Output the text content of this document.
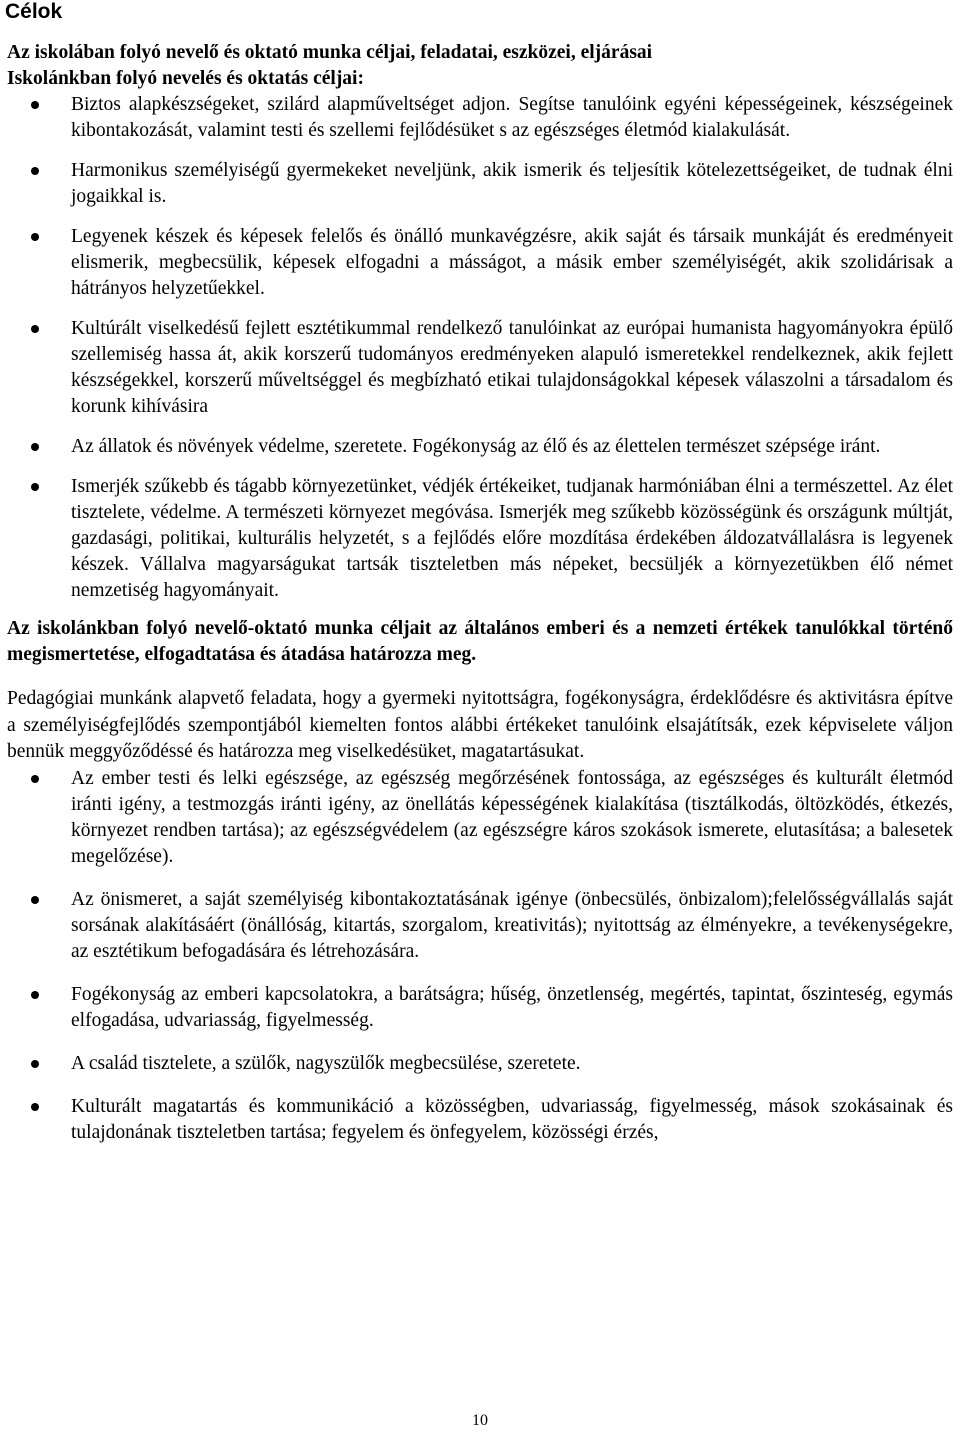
Célok
Az iskolában folyó nevelő és oktató munka céljai, feladatai, eszközei, eljárásai
Iskolánkban folyó nevelés és oktatás céljai:
Biztos alapkészségeket, szilárd alapműveltséget adjon. Segítse tanulóink egyéni képességeinek, készségeinek kibontakozását, valamint testi és szellemi fejlődésüket s az egészséges életmód kialakulását.
Harmonikus személyiségű gyermekeket neveljünk, akik ismerik és teljesítik kötelezettségeiket, de tudnak élni jogaikkal is.
Legyenek készek és képesek felelős és önálló munkavégzésre, akik saját és társaik munkáját és eredményeit elismerik, megbecsülik, képesek elfogadni a másságot, a másik ember személyiségét, akik szolidárisak a hátrányos helyzetűekkel.
Kultúrált viselkedésű fejlett esztétikummal rendelkező tanulóinkat az európai humanista hagyományokra épülő szellemiség hassa át, akik korszerű tudományos eredményeken alapuló ismeretekkel rendelkeznek, akik fejlett készségekkel, korszerű műveltséggel és megbízható etikai tulajdonságokkal képesek válaszolni a társadalom és korunk kihívásira
Az állatok és növények védelme, szeretete. Fogékonyság az élő és az élettelen természet szépsége iránt.
Ismerjék szűkebb és tágabb környezetünket, védjék értékeiket, tudjanak harmóniában élni a természettel. Az élet tisztelete, védelme. A természeti környezet megóvása. Ismerjék meg szűkebb közösségünk és országunk múltját, gazdasági, politikai, kulturális helyzetét, s a fejlődés előre mozdítása érdekében áldozatvállalásra is legyenek készek. Vállalva magyarságukat tartsák tiszteletben más népeket, becsüljék a környezetükben élő német nemzetiség hagyományait.
Az iskolánkban folyó nevelő-oktató munka céljait az általános emberi és a nemzeti értékek tanulókkal történő megismertetése, elfogadtatása és átadása határozza meg.
Pedagógiai munkánk alapvető feladata, hogy a gyermeki nyitottságra, fogékonyságra, érdeklődésre és aktivitásra építve a személyiségfejlődés szempontjából kiemelten fontos alábbi értékeket tanulóink elsajátítsák, ezek képviselete váljon bennük meggyőződéssé és határozza meg viselkedésüket, magatartásukat.
Az ember testi és lelki egészsége, az egészség megőrzésének fontossága, az egészséges és kulturált életmód iránti igény, a testmozgás iránti igény, az önellátás képességének kialakítása (tisztálkodás, öltözködés, étkezés, környezet rendben tartása); az egészségvédelem (az egészségre káros szokások ismerete, elutasítása; a balesetek megelőzése).
Az önismeret, a saját személyiség kibontakoztatásának igénye (önbecsülés, önbizalom);felelősségvállalás saját sorsának alakításáért (önállóság, kitartás, szorgalom, kreativitás); nyitottság az élményekre, a tevékenységekre, az esztétikum befogadására és létrehozására.
Fogékonyság az emberi kapcsolatokra, a barátságra; hűség, önzetlenség, megértés, tapintat, őszinteség, egymás elfogadása, udvariasság, figyelmesség.
A család tisztelete, a szülők, nagyszülők megbecsülése, szeretete.
Kulturált magatartás és kommunikáció a közösségben, udvariasság, figyelmesség, mások szokásainak és tulajdonának tiszteletben tartása; fegyelem és önfegyelem, közösségi érzés,
10
